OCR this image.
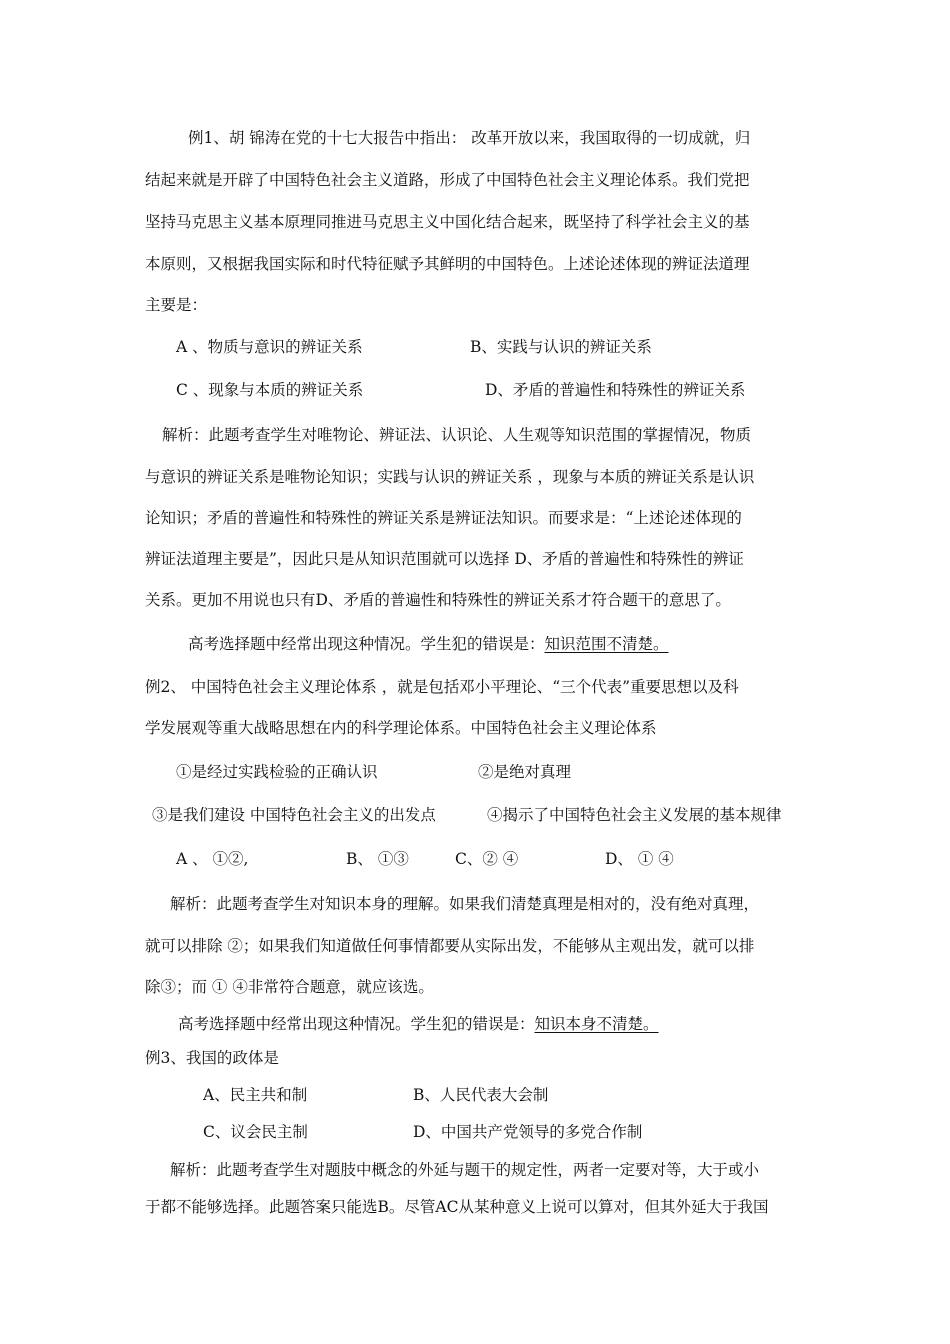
例1、胡 锦涛在党的十七大报告中指出： 改革开放以来，我国取得的一切成就，归
结起来就是开辟了中国特色社会主义道路，形成了中国特色社会主义理论体系。我们党把
坚持马克思主义基本原理同推进马克思主义中国化结合起来，既坚持了科学社会主义的基
本原则，又根据我国实际和时代特征赋予其鲜明的中国特色。上述论述体现的辨证法道理
主要是：
A 、物质与意识的辨证关系	B、实践与认识的辨证关系
C 、现象与本质的辨证关系	D、矛盾的普遍性和特殊性的辨证关系
解析：此题考查学生对唯物论、辨证法、认识论、人生观等知识范围的掌握情况，物质
与意识的辨证关系是唯物论知识；实践与认识的辨证关系 ，现象与本质的辨证关系是认识
论知识；矛盾的普遍性和特殊性的辨证关系是辨证法知识。而要求是：“上述论述体现的
辨证法道理主要是”，因此只是从知识范围就可以选择 D、矛盾的普遍性和特殊性的辨证
关系。更加不用说也只有D、矛盾的普遍性和特殊性的辨证关系才符合题干的意思了。
高考选择题中经常出现这种情况。学生犯的错误是：知识范围不清楚。
例2、 中国特色社会主义理论体系 ，就是包括邓小平理论、“三个代表”重要思想以及科
学发展观等重大战略思想在内的科学理论体系。中国特色社会主义理论体系
①是经过实践检验的正确认识	②是绝对真理
③是我们建设 中国特色社会主义的出发点	④揭示了中国特色社会主义发展的基本规律
A 、 ①②,	B、 ①③	C、② ④	D、 ① ④
解析：此题考查学生对知识本身的理解。如果我们清楚真理是相对的，没有绝对真理，
就可以排除 ②；如果我们知道做任何事情都要从实际出发，不能够从主观出发，就可以排
除③；而 ① ④非常符合题意，就应该选。
高考选择题中经常出现这种情况。学生犯的错误是：知识本身不清楚。
例3、我国的政体是
A、民主共和制	B、人民代表大会制
C、议会民主制	D、中国共产党领导的多党合作制
解析：此题考查学生对题肢中概念的外延与题干的规定性，两者一定要对等，大于或小
于都不能够选择。此题答案只能选B。尽管AC从某种意义上说可以算对，但其外延大于我国
